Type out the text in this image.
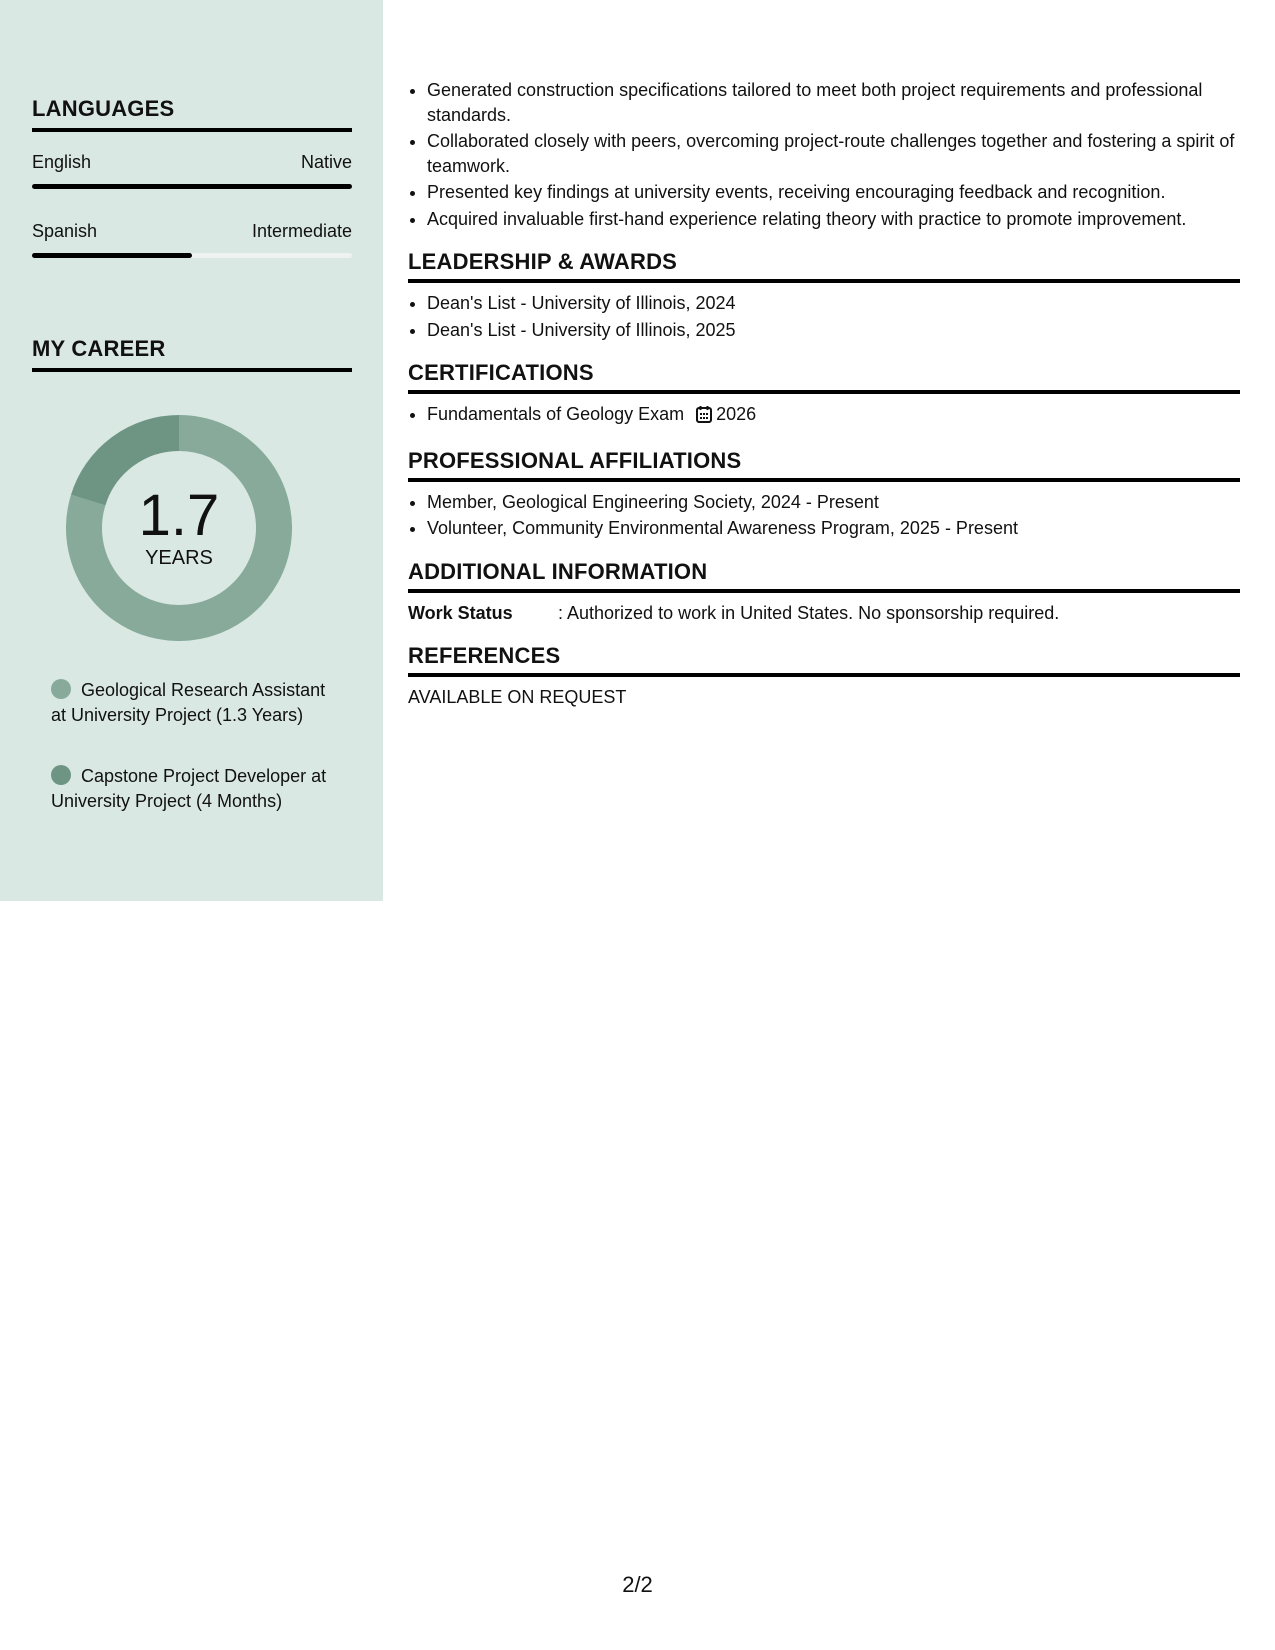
LANGUAGES
English	Native
Spanish	Intermediate
MY CAREER
1.7
YEARS
Geological Research Assistant at University Project (1.3 Years)
Capstone Project Developer at University Project (4 Months)
• Generated construction specifications tailored to meet both project requirements and professional standards.
• Collaborated closely with peers, overcoming project-route challenges together and fostering a spirit of teamwork.
• Presented key findings at university events, receiving encouraging feedback and recognition.
• Acquired invaluable first-hand experience relating theory with practice to promote improvement.
LEADERSHIP & AWARDS
• Dean's List - University of Illinois, 2024
• Dean's List - University of Illinois, 2025
CERTIFICATIONS
• Fundamentals of Geology Exam 2026
PROFESSIONAL AFFILIATIONS
• Member, Geological Engineering Society, 2024 - Present
• Volunteer, Community Environmental Awareness Program, 2025 - Present
ADDITIONAL INFORMATION
Work Status	: Authorized to work in United States. No sponsorship required.
REFERENCES
AVAILABLE ON REQUEST
2/2
